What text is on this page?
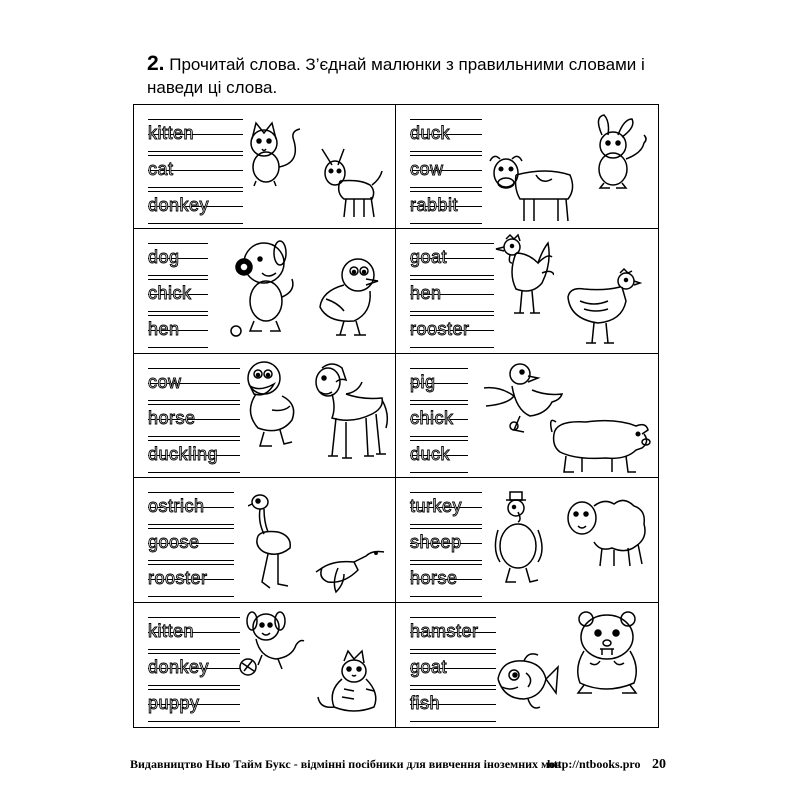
2. Прочитай слова. З’єднай малюнки з правильними словами і наведи ці слова.
kitten
cat
donkey
duck
cow
rabbit
dog
chick
hen
goat
hen
rooster
cow
horse
duckling
pig
chick
duck
ostrich
goose
rooster
turkey
sheep
horse
kitten
donkey
puppy
hamster
goat
fish
Видавництво Нью Тайм Букс - відмінні посібники для вивчення іноземних мов
http://ntbooks.pro 20
